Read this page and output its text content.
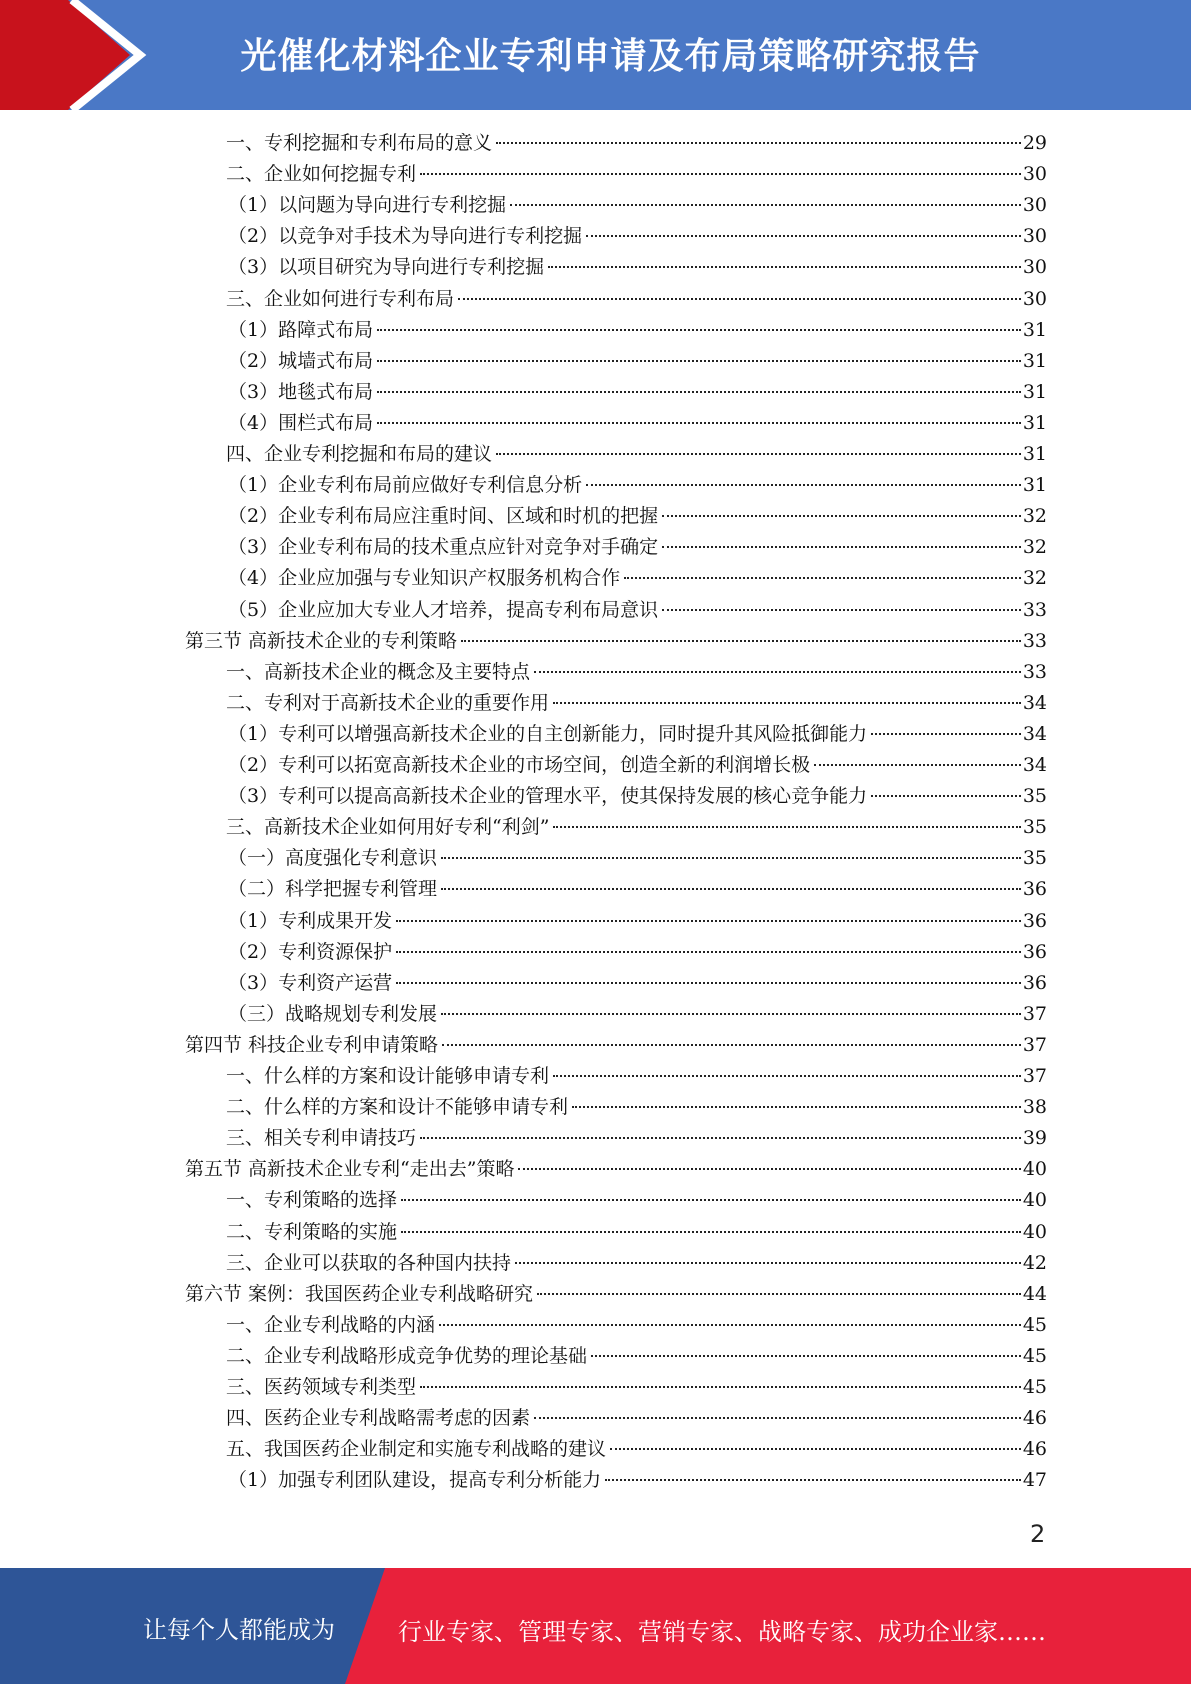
光催化材料企业专利申请及布局策略研究报告
一、专利挖掘和专利布局的意义	29
二、企业如何挖掘专利	30
（1）以问题为导向进行专利挖掘	30
（2）以竞争对手技术为导向进行专利挖掘	30
（3）以项目研究为导向进行专利挖掘	30
三、企业如何进行专利布局	30
（1）路障式布局	31
（2）城墙式布局	31
（3）地毯式布局	31
（4）围栏式布局	31
四、企业专利挖掘和布局的建议	31
（1）企业专利布局前应做好专利信息分析	31
（2）企业专利布局应注重时间、区域和时机的把握	32
（3）企业专利布局的技术重点应针对竞争对手确定	32
（4）企业应加强与专业知识产权服务机构合作	32
（5）企业应加大专业人才培养，提高专利布局意识	33
第三节 高新技术企业的专利策略	33
一、高新技术企业的概念及主要特点	33
二、专利对于高新技术企业的重要作用	34
（1）专利可以增强高新技术企业的自主创新能力，同时提升其风险抵御能力	34
（2）专利可以拓宽高新技术企业的市场空间，创造全新的利润增长极	34
（3）专利可以提高高新技术企业的管理水平，使其保持发展的核心竞争能力	35
三、高新技术企业如何用好专利“利剑”	35
（一）高度强化专利意识	35
（二）科学把握专利管理	36
（1）专利成果开发	36
（2）专利资源保护	36
（3）专利资产运营	36
（三）战略规划专利发展	37
第四节 科技企业专利申请策略	37
一、什么样的方案和设计能够申请专利	37
二、什么样的方案和设计不能够申请专利	38
三、相关专利申请技巧	39
第五节 高新技术企业专利“走出去”策略	40
一、专利策略的选择	40
二、专利策略的实施	40
三、企业可以获取的各种国内扶持	42
第六节 案例：我国医药企业专利战略研究	44
一、企业专利战略的内涵	45
二、企业专利战略形成竞争优势的理论基础	45
三、医药领域专利类型	45
四、医药企业专利战略需考虑的因素	46
五、我国医药企业制定和实施专利战略的建议	46
（1）加强专利团队建设，提高专利分析能力	47
2
让每个人都能成为	行业专家、管理专家、营销专家、战略专家、成功企业家……
